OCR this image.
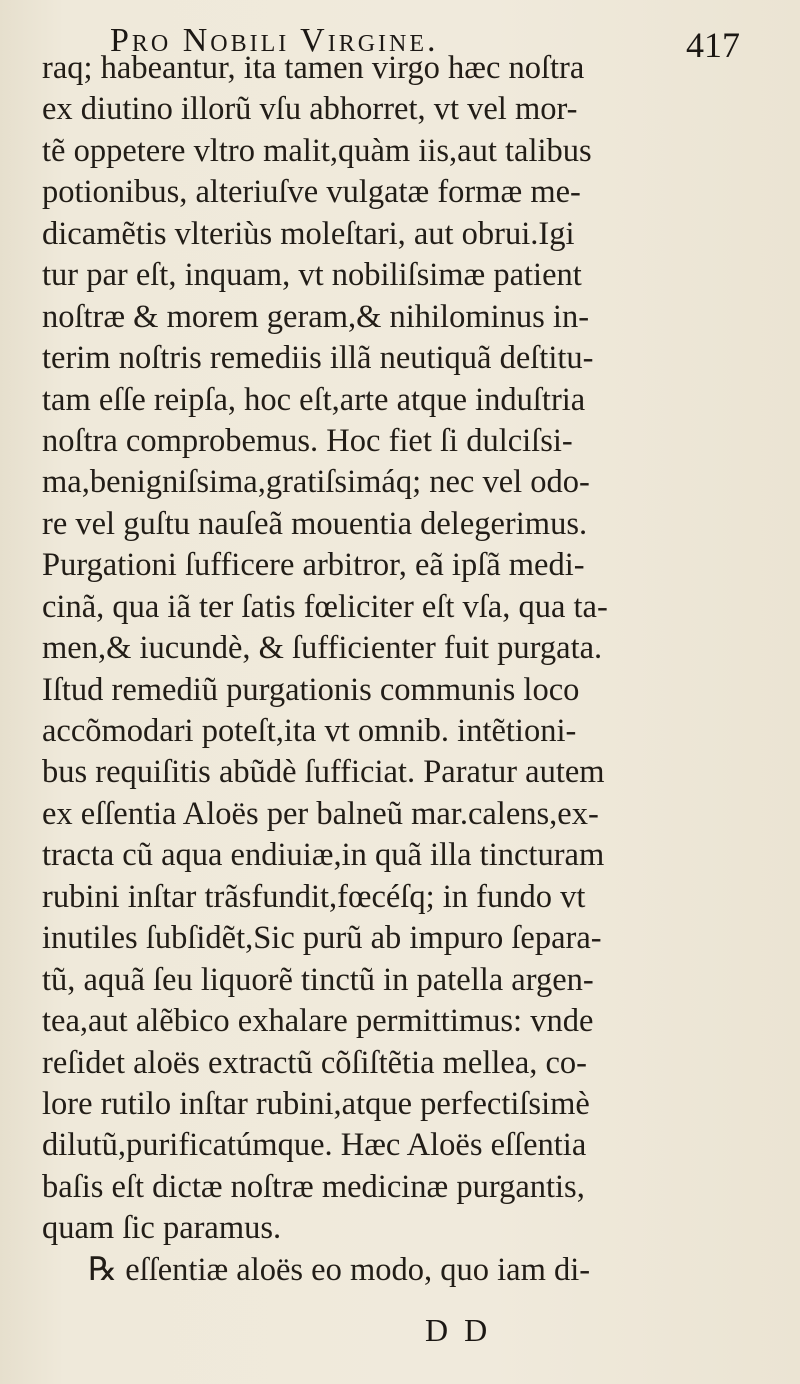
Pro Nobili Virgine.	417
raq; habeantur, ita tamen virgo hæc noſtra
ex diutino illorũ vſu abhorret, vt vel mor-
tẽ oppetere vltro malit,quàm iis,aut talibus
potionibus, alteriuſve vulgatæ formæ me-
dicamẽtis vlteriùs moleſtari, aut obrui.Igi
tur par eſt, inquam, vt nobiliſsimæ patient
noſtræ & morem geram,& nihilominus in-
terim noſtris remediis illã neutiquã deſtitu-
tam eſſe reipſa, hoc eſt,arte atque induſtria
noſtra comprobemus. Hoc fiet ſi dulciſsi-
ma,benigniſsima,gratiſsimáq; nec vel odo-
re vel guſtu nauſeã mouentia delegerimus.
Purgationi ſufficere arbitror, eã ipſã medi-
cinã, qua iã ter ſatis fœliciter eſt vſa, qua ta-
men,& iucundè, & ſufficienter fuit purgata.
Iſtud remediũ purgationis communis loco
accõmodari poteſt,ita vt omnib. intẽtioni-
bus requiſitis abũdè ſufficiat. Paratur autem
ex eſſentia Aloës per balneũ mar.calens,ex-
tracta cũ aqua endiuiæ,in quã illa tincturam
rubini inſtar trãsfundit,fœcéſq; in fundo vt
inutiles ſubſidẽt,Sic purũ ab impuro ſepara-
tũ, aquã ſeu liquorẽ tinctũ in patella argen-
tea,aut alẽbico exhalare permittimus: vnde
reſidet aloës extractũ cõſiſtẽtia mellea, co-
lore rutilo inſtar rubini,atque perfectiſsimè
dilutũ,purificatúmque. Hæc Aloës eſſentia
baſis eſt dictæ noſtræ medicinæ purgantis,
quam ſic paramus.
℞ eſſentiæ aloës eo modo, quo iam di-
D D
